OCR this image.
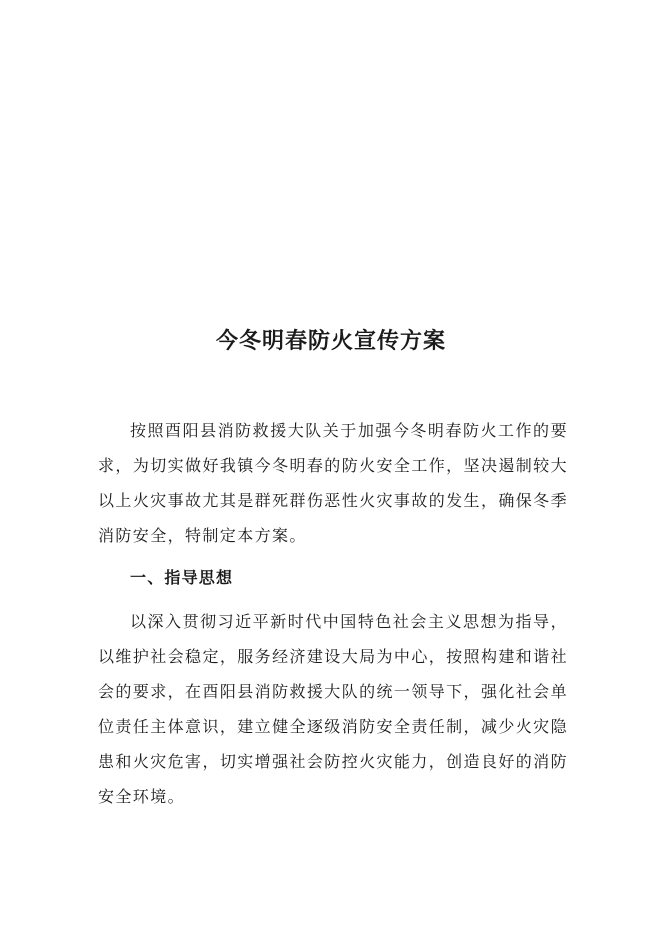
今冬明春防火宣传方案

按照酉阳县消防救援大队关于加强今冬明春防火工作的要求，为切实做好我镇今冬明春的防火安全工作，坚决遏制较大以上火灾事故尤其是群死群伤恶性火灾事故的发生，确保冬季消防安全，特制定本方案。

一、指导思想

以深入贯彻习近平新时代中国特色社会主义思想为指导，以维护社会稳定，服务经济建设大局为中心，按照构建和谐社会的要求，在酉阳县消防救援大队的统一领导下，强化社会单位责任主体意识，建立健全逐级消防安全责任制，减少火灾隐患和火灾危害，切实增强社会防控火灾能力，创造良好的消防安全环境。
